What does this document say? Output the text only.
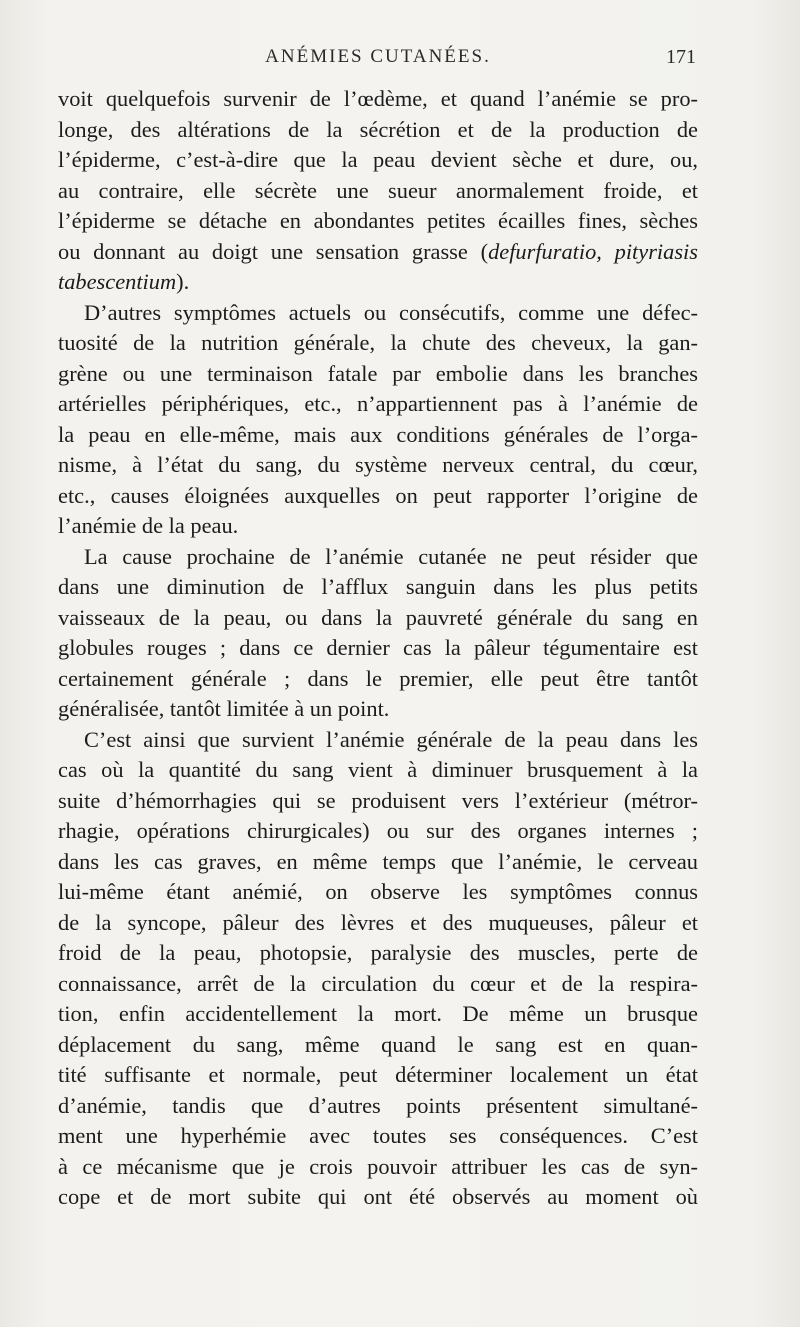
ANÉMIES CUTANÉES.	171
voit quelquefois survenir de l’œdème, et quand l’anémie se pro-
longe, des altérations de la sécrétion et de la production de
l’épiderme, c’est-à-dire que la peau devient sèche et dure, ou,
au contraire, elle sécrète une sueur anormalement froide, et
l’épiderme se détache en abondantes petites écailles fines, sèches
ou donnant au doigt une sensation grasse (defurfuratio, pityriasis
tabescentium).
D’autres symptômes actuels ou consécutifs, comme une défec-
tuosité de la nutrition générale, la chute des cheveux, la gan-
grène ou une terminaison fatale par embolie dans les branches
artérielles périphériques, etc., n’appartiennent pas à l’anémie de
la peau en elle-même, mais aux conditions générales de l’orga-
nisme, à l’état du sang, du système nerveux central, du cœur,
etc., causes éloignées auxquelles on peut rapporter l’origine de
l’anémie de la peau.
La cause prochaine de l’anémie cutanée ne peut résider que
dans une diminution de l’afflux sanguin dans les plus petits
vaisseaux de la peau, ou dans la pauvreté générale du sang en
globules rouges ; dans ce dernier cas la pâleur tégumentaire est
certainement générale ; dans le premier, elle peut être tantôt
généralisée, tantôt limitée à un point.
C’est ainsi que survient l’anémie générale de la peau dans les
cas où la quantité du sang vient à diminuer brusquement à la
suite d’hémorrhagies qui se produisent vers l’extérieur (métror-
rhagie, opérations chirurgicales) ou sur des organes internes ;
dans les cas graves, en même temps que l’anémie, le cerveau
lui-même étant anémié, on observe les symptômes connus
de la syncope, pâleur des lèvres et des muqueuses, pâleur et
froid de la peau, photopsie, paralysie des muscles, perte de
connaissance, arrêt de la circulation du cœur et de la respira-
tion, enfin accidentellement la mort. De même un brusque
déplacement du sang, même quand le sang est en quan-
tité suffisante et normale, peut déterminer localement un état
d’anémie, tandis que d’autres points présentent simultané-
ment une hyperhémie avec toutes ses conséquences. C’est
à ce mécanisme que je crois pouvoir attribuer les cas de syn-
cope et de mort subite qui ont été observés au moment où
